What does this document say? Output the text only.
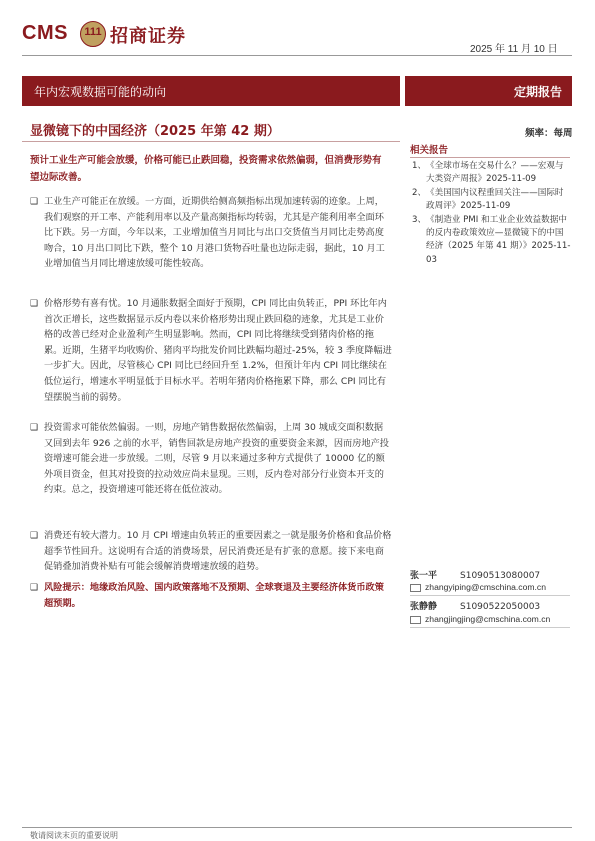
CMS	111 招商证券
2025 年 11 月 10 日
年内宏观数据可能的动向	定期报告
显微镜下的中国经济（2025 年第 42 期）
预计工业生产可能会放缓，价格可能已止跌回稳，投资需求依然偏弱，但消费形势有望边际改善。
❑ 工业生产可能正在放缓。一方面，近期供给侧高频指标出现加速转弱的迹象。上周，我们观察的开工率、产能利用率以及产量高频指标均转弱，尤其是产能利用率全面环比下跌。另一方面，今年以来，工业增加值当月同比与出口交货值当月同比走势高度吻合，10 月出口同比下跌，整个 10 月港口货物吞吐量也边际走弱，据此，10 月工业增加值当月同比增速放缓可能性较高。

❑ 价格形势有喜有忧。10 月通胀数据全面好于预期，CPI 同比由负转正，PPI 环比年内首次正增长，这些数据显示反内卷以来价格形势出现止跌回稳的迹象，尤其是工业价格的改善已经对企业盈利产生明显影响。然而，CPI 同比将继续受到猪肉价格的拖累。近期，生猪平均收购价、猪肉平均批发价同比跌幅均超过-25%，较 3 季度降幅进一步扩大。因此，尽管核心 CPI 同比已经回升至 1.2%，但预计年内 CPI 同比继续在低位运行，增速水平明显低于目标水平。若明年猪肉价格拖累下降，那么 CPI 同比有望摆脱当前的弱势。

❑ 投资需求可能依然偏弱。一则，房地产销售数据依然偏弱，上周 30 城成交面积数据又回到去年 926 之前的水平，销售回款是房地产投资的重要资金来源，因而房地产投资增速可能会进一步放缓。二则，尽管 9 月以来通过多种方式提供了 10000 亿的额外项目资金，但其对投资的拉动效应尚未显现。三则，反内卷对部分行业资本开支的约束。总之，投资增速可能还将在低位波动。

❑ 消费还有较大潜力。10 月 CPI 增速由负转正的重要因素之一就是服务价格和食品价格超季节性回升。这说明有合适的消费场景，居民消费还是有扩张的意愿。接下来电商促销叠加消费补贴有可能会缓解消费增速放缓的趋势。

❑ 风险提示：地缘政治风险、国内政策落地不及预期、全球衰退及主要经济体货币政策超预期。

频率：每周
相关报告
1、 《全球市场在交易什么？——宏观与大类资产周报》2025-11-09
2、 《美国国内议程重回关注——国际时政周评》2025-11-09
3、 《制造业 PMI 和工业企业效益数据中的反内卷政策效应—显微镜下的中国经济（2025 年第 41 期）》2025-11-03
张一平	S1090513080007
zhangyiping@cmschina.com.cn
张静静	S1090522050003
zhangjingjing@cmschina.com.cn
敬请阅读末页的重要说明
